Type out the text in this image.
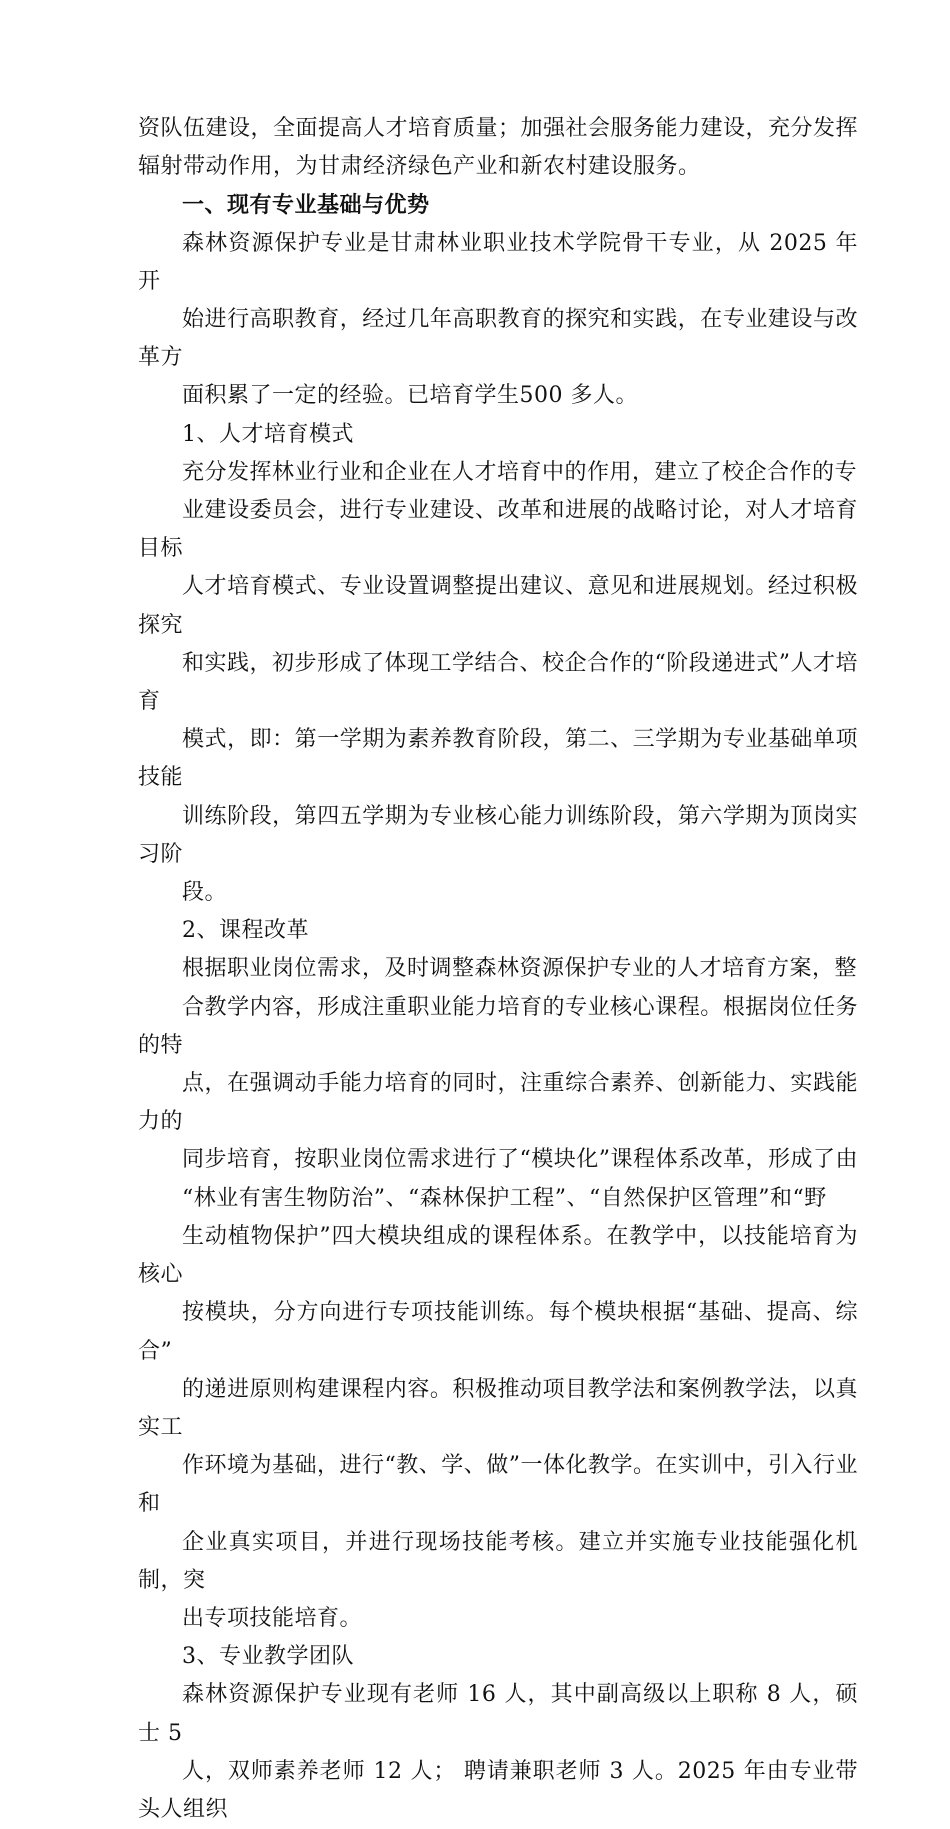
资队伍建设，全面提高人才培育质量；加强社会服务能力建设，充分发挥
辐射带动作用，为甘肃经济绿色产业和新农村建设服务。

一、现有专业基础与优势

森林资源保护专业是甘肃林业职业技术学院骨干专业，从 2025 年开
始进行高职教育，经过几年高职教育的探究和实践，在专业建设与改革方
面积累了一定的经验。已培育学生500 多人。

1、人才培育模式

充分发挥林业行业和企业在人才培育中的作用，建立了校企合作的专
业建设委员会，进行专业建设、改革和进展的战略讨论，对人才培育目标
人才培育模式、专业设置调整提出建议、意见和进展规划。经过积极探究
和实践，初步形成了体现工学结合、校企合作的“阶段递进式”人才培育
模式，即：第一学期为素养教育阶段，第二、三学期为专业基础单项技能
训练阶段，第四五学期为专业核心能力训练阶段，第六学期为顶岗实习阶
段。

2、课程改革

根据职业岗位需求，及时调整森林资源保护专业的人才培育方案，整
合教学内容，形成注重职业能力培育的专业核心课程。根据岗位任务的特
点，在强调动手能力培育的同时，注重综合素养、创新能力、实践能力的
同步培育，按职业岗位需求进行了“模块化”课程体系改革，形成了由
“林业有害生物防治”、“森林保护工程”、“自然保护区管理”和“野
生动植物保护”四大模块组成的课程体系。在教学中，以技能培育为核心
按模块，分方向进行专项技能训练。每个模块根据“基础、提高、综合”
的递进原则构建课程内容。积极推动项目教学法和案例教学法，以真实工
作环境为基础，进行“教、学、做”一体化教学。在实训中，引入行业和
企业真实项目，并进行现场技能考核。建立并实施专业技能强化机制，突
出专项技能培育。

3、专业教学团队

森林资源保护专业现有老师 16 人，其中副高级以上职称 8 人，硕士 5
人，双师素养老师 12 人； 聘请兼职老师 3 人。2025 年由专业带头人组织
